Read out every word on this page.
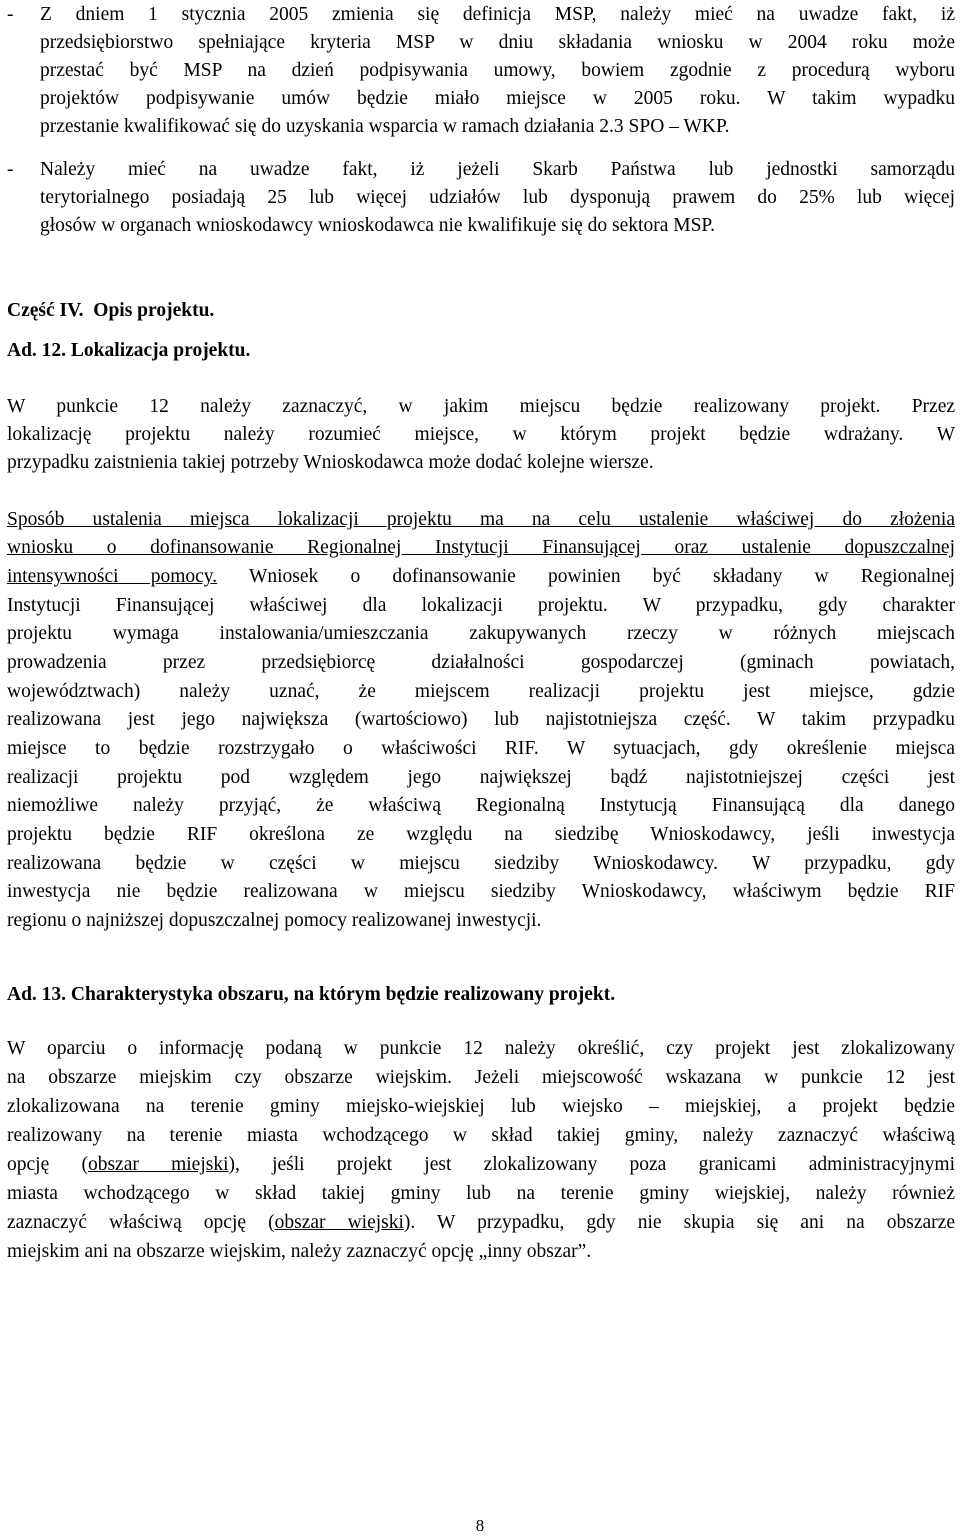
-	Z dniem 1 stycznia 2005 zmienia się definicja MSP, należy mieć na uwadze fakt, iż
przedsiębiorstwo spełniające kryteria MSP w dniu składania wniosku w 2004 roku może
przestać być MSP na dzień podpisywania umowy, bowiem zgodnie z procedurą wyboru
projektów podpisywanie umów będzie miało miejsce w 2005 roku. W takim wypadku
przestanie kwalifikować się do uzyskania wsparcia w ramach działania 2.3 SPO – WKP.
-	Należy mieć na uwadze fakt, iż jeżeli Skarb Państwa lub jednostki samorządu
terytorialnego posiadają 25 lub więcej udziałów lub dysponują prawem do 25% lub więcej
głosów w organach wnioskodawcy wnioskodawca nie kwalifikuje się do sektora MSP.
Część IV.  Opis projektu.
Ad. 12. Lokalizacja projektu.
W punkcie 12 należy zaznaczyć, w jakim miejscu będzie realizowany projekt. Przez
lokalizację projektu należy rozumieć miejsce, w którym projekt będzie wdrażany. W
przypadku zaistnienia takiej potrzeby Wnioskodawca może dodać kolejne wiersze.
Sposób ustalenia miejsca lokalizacji projektu ma na celu ustalenie właściwej do złożenia
wniosku o dofinansowanie Regionalnej Instytucji Finansującej oraz ustalenie dopuszczalnej
intensywności pomocy. Wniosek o dofinansowanie powinien być składany w Regionalnej
Instytucji Finansującej właściwej dla lokalizacji projektu. W przypadku, gdy charakter
projektu wymaga instalowania/umieszczania zakupywanych rzeczy w różnych miejscach
prowadzenia przez przedsiębiorcę działalności gospodarczej (gminach powiatach,
województwach) należy uznać, że miejscem realizacji projektu jest miejsce, gdzie
realizowana jest jego największa (wartościowo) lub najistotniejsza część. W takim przypadku
miejsce to będzie rozstrzygało o właściwości RIF. W sytuacjach, gdy określenie miejsca
realizacji projektu pod względem jego największej bądź najistotniejszej części jest
niemożliwe należy przyjąć, że właściwą Regionalną Instytucją Finansującą dla danego
projektu będzie RIF określona ze względu na siedzibę Wnioskodawcy, jeśli inwestycja
realizowana będzie w części w miejscu siedziby Wnioskodawcy. W przypadku, gdy
inwestycja nie będzie realizowana w miejscu siedziby Wnioskodawcy, właściwym będzie RIF
regionu o najniższej dopuszczalnej pomocy realizowanej inwestycji.
Ad. 13. Charakterystyka obszaru, na którym będzie realizowany projekt.
W oparciu o informację podaną w punkcie 12 należy określić, czy projekt jest zlokalizowany
na obszarze miejskim czy obszarze wiejskim. Jeżeli miejscowość wskazana w punkcie 12 jest
zlokalizowana na terenie gminy miejsko-wiejskiej lub wiejsko – miejskiej, a projekt będzie
realizowany na terenie miasta wchodzącego w skład takiej gminy, należy zaznaczyć właściwą
opcję (obszar miejski), jeśli projekt jest zlokalizowany poza granicami administracyjnymi
miasta wchodzącego w skład takiej gminy lub na terenie gminy wiejskiej, należy również
zaznaczyć właściwą opcję (obszar wiejski). W przypadku, gdy nie skupia się ani na obszarze
miejskim ani na obszarze wiejskim, należy zaznaczyć opcję „inny obszar”.
8
